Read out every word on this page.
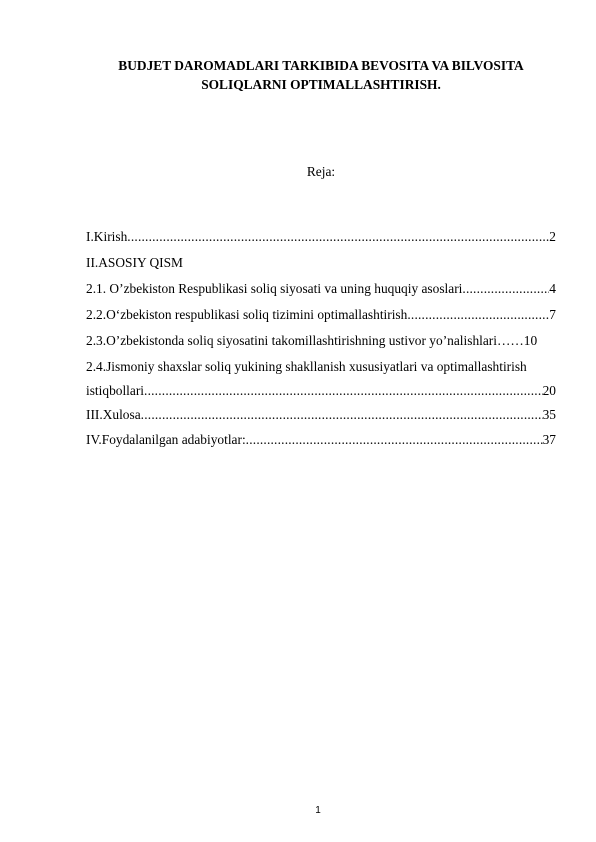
BUDJET DAROMADLARI TARKIBIDA BEVOSITA VA BILVOSITA
SOLIQLARNI OPTIMALLASHTIRISH.
Reja:
I.Kirish .....	2
II.ASOSIY QISM
2.1. O’zbekiston Respublikasi soliq siyosati va uning huquqiy asoslari .....	4
2.2.O‘zbekiston respublikasi soliq tizimini optimallashtirish .....	7
2.3.O’zbekistonda soliq siyosatini takomillashtirishning ustivor yo’nalishlari…… 10
2.4.Jismoniy shaxslar soliq yukining shakllanish xususiyatlari va optimallashtirish
istiqbollari .....	20
III.Xulosa .....	35
IV.Foydalanilgan adabiyotlar: .....	37
1
